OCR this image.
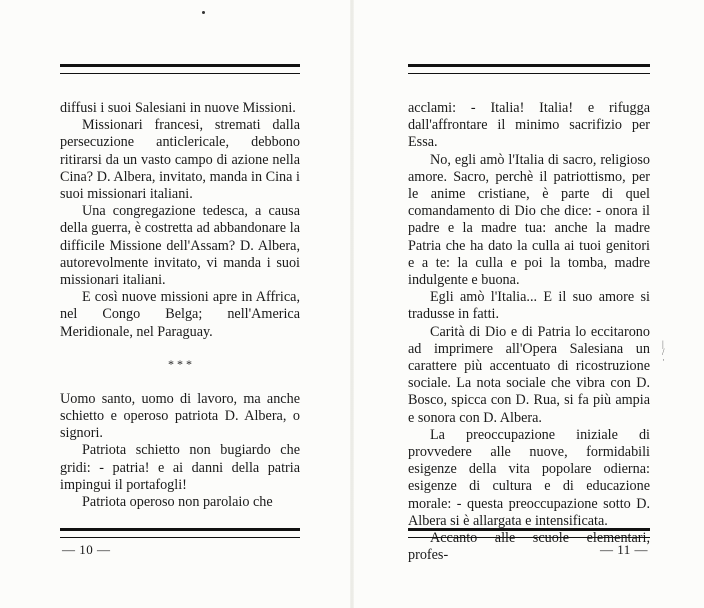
diffusi i suoi Salesiani in nuove Missioni.

Missionari francesi, stremati dalla persecuzione anticlericale, debbono ritirarsi da un vasto campo di azione nella Cina? D. Albera, invitato, manda in Cina i suoi missionari italiani.

Una congregazione tedesca, a causa della guerra, è costretta ad abbandonare la difficile Missione dell'Assam? D. Albera, autorevolmente invitato, vi manda i suoi missionari italiani.

E così nuove missioni apre in Affrica, nel Congo Belga; nell'America Meridionale, nel Paraguay.

* * *

Uomo santo, uomo di lavoro, ma anche schietto e operoso patriota D. Albera, o signori.

Patriota schietto non bugiardo che gridi: - patria! e ai danni della patria impingui il portafogli!

Patriota operoso non parolaio che

— 10 —

acclami: - Italia! Italia! e rifugga dall'affrontare il minimo sacrifizio per Essa.

No, egli amò l'Italia di sacro, religioso amore. Sacro, perchè il patriottismo, per le anime cristiane, è parte di quel comandamento di Dio che dice: - onora il padre e la madre tua: anche la madre Patria che ha dato la culla ai tuoi genitori e a te: la culla e poi la tomba, madre indulgente e buona.

Egli amò l'Italia... E il suo amore si tradusse in fatti.

Carità di Dio e di Patria lo eccitarono ad imprimere all'Opera Salesiana un carattere più accentuato di ricostruzione sociale. La nota sociale che vibra con D. Bosco, spicca con D. Rua, si fa più ampia e sonora con D. Albera.

La preoccupazione iniziale di provvedere alle nuove, formidabili esigenze della vita popolare odierna: esigenze di cultura e di educazione morale: - questa preoccupazione sotto D. Albera si è allargata e intensificata.

Accanto alle scuole elementari, profes-

|
/
·
— 11 —
